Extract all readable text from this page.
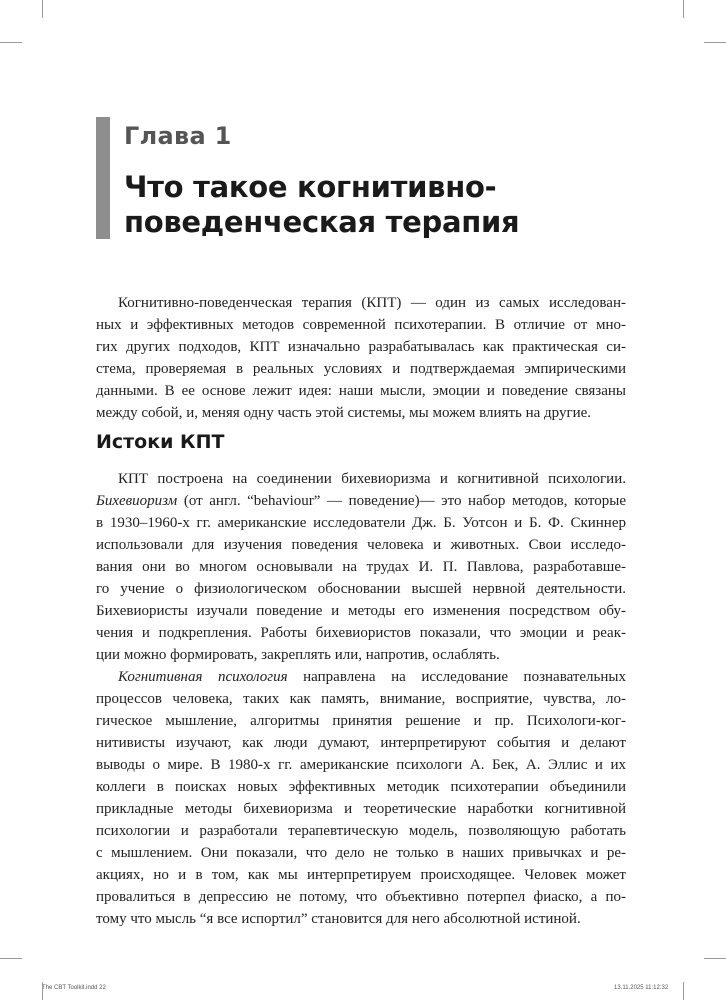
Глава 1
Что такое когнитивно-
поведенческая терапия
Когнитивно-поведенческая терапия (КПТ) — один из самых исследован-
ных и эффективных методов современной психотерапии. В отличие от мно-
гих других подходов, КПТ изначально разрабатывалась как практическая си-
стема, проверяемая в реальных условиях и подтверждаемая эмпирическими
данными. В ее основе лежит идея: наши мысли, эмоции и поведение связаны
между собой, и, меняя одну часть этой системы, мы можем влиять на другие.
Истоки КПТ
КПТ построена на соединении бихевиоризма и когнитивной психологии.
Бихевиоризм (от англ. “behaviour” — поведение)— это набор методов, которые
в 1930–1960-х гг. американские исследователи Дж. Б. Уотсон и Б. Ф. Скиннер
использовали для изучения поведения человека и животных. Свои исследо-
вания они во многом основывали на трудах И. П. Павлова, разработавше-
го учение о физиологическом обосновании высшей нервной деятельности.
Бихевиористы изучали поведение и методы его изменения посредством обу-
чения и подкрепления. Работы бихевиористов показали, что эмоции и реак-
ции можно формировать, закреплять или, напротив, ослаблять.
Когнитивная психология направлена на исследование познавательных
процессов человека, таких как память, внимание, восприятие, чувства, ло-
гическое мышление, алгоритмы принятия решение и пр. Психологи-ког-
нитивисты изучают, как люди думают, интерпретируют события и делают
выводы о мире. В 1980-х гг. американские психологи А. Бек, А. Эллис и их
коллеги в поисках новых эффективных методик психотерапии объединили
прикладные методы бихевиоризма и теоретические наработки когнитивной
психологии и разработали терапевтическую модель, позволяющую работать
с мышлением. Они показали, что дело не только в наших привычках и ре-
акциях, но и в том, как мы интерпретируем происходящее. Человек может
провалиться в депрессию не потому, что объективно потерпел фиаско, а по-
тому что мысль “я все испортил” становится для него абсолютной истиной.
The CBT Toolkit.indd 22	13.11.2025 11:12:32
